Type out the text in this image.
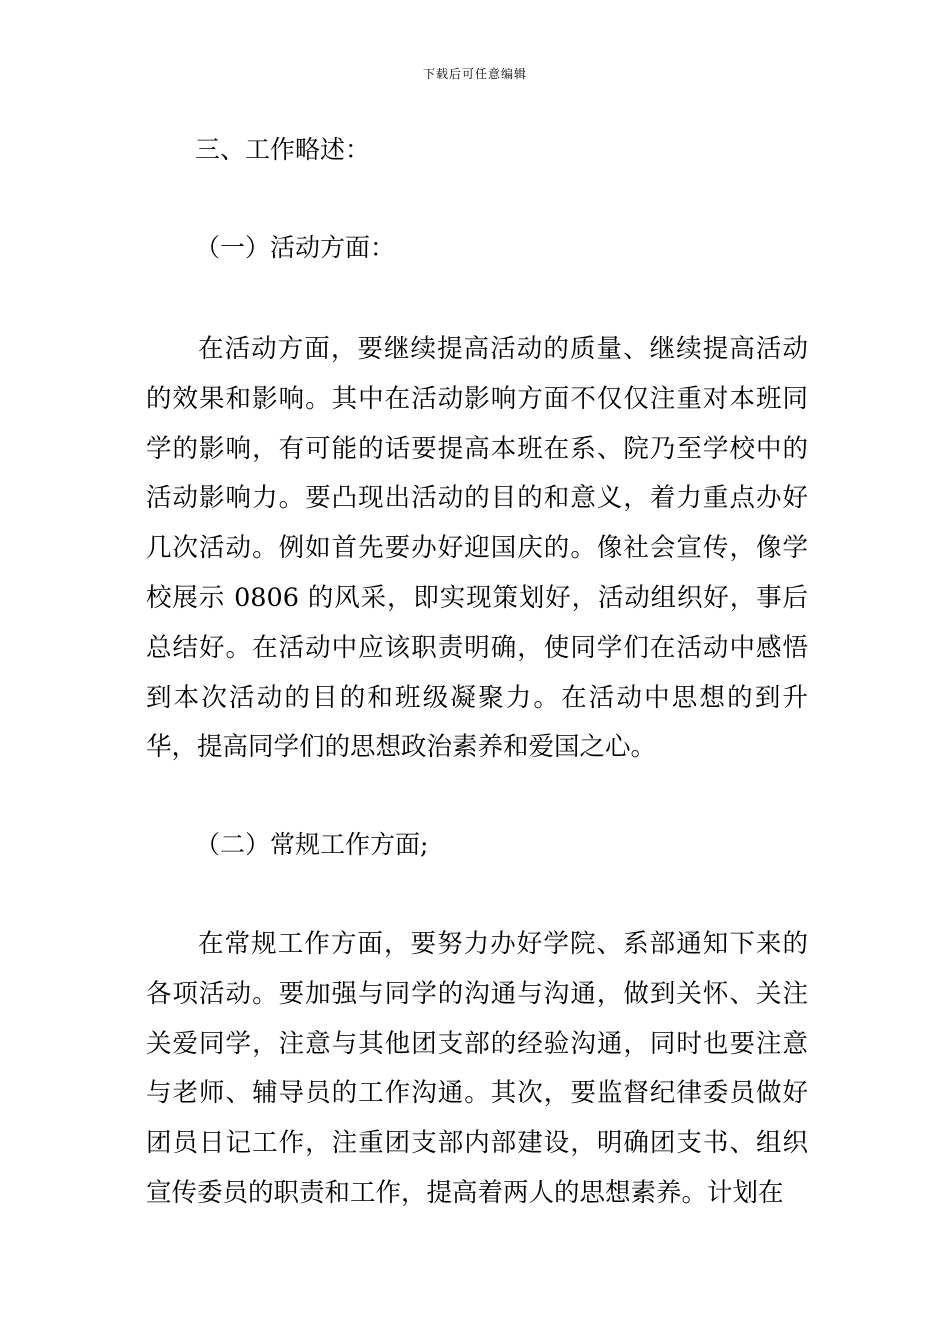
下载后可任意编辑
三、工作略述：
（一）活动方面：

在活动方面，要继续提高活动的质量、继续提高活动的效果和影响。其中在活动影响方面不仅仅注重对本班同学的影响，有可能的话要提高本班在系、院乃至学校中的活动影响力。要凸现出活动的目的和意义，着力重点办好几次活动。例如首先要办好迎国庆的。像社会宣传，像学校展示 0806 的风采，即实现策划好，活动组织好，事后总结好。在活动中应该职责明确，使同学们在活动中感悟到本次活动的目的和班级凝聚力。在活动中思想的到升华，提高同学们的思想政治素养和爱国之心。

（二）常规工作方面;

在常规工作方面，要努力办好学院、系部通知下来的各项活动。要加强与同学的沟通与沟通，做到关怀、关注关爱同学，注意与其他团支部的经验沟通，同时也要注意与老师、辅导员的工作沟通。其次，要监督纪律委员做好团员日记工作，注重团支部内部建设，明确团支书、组织宣传委员的职责和工作，提高着两人的思想素养。计划在
